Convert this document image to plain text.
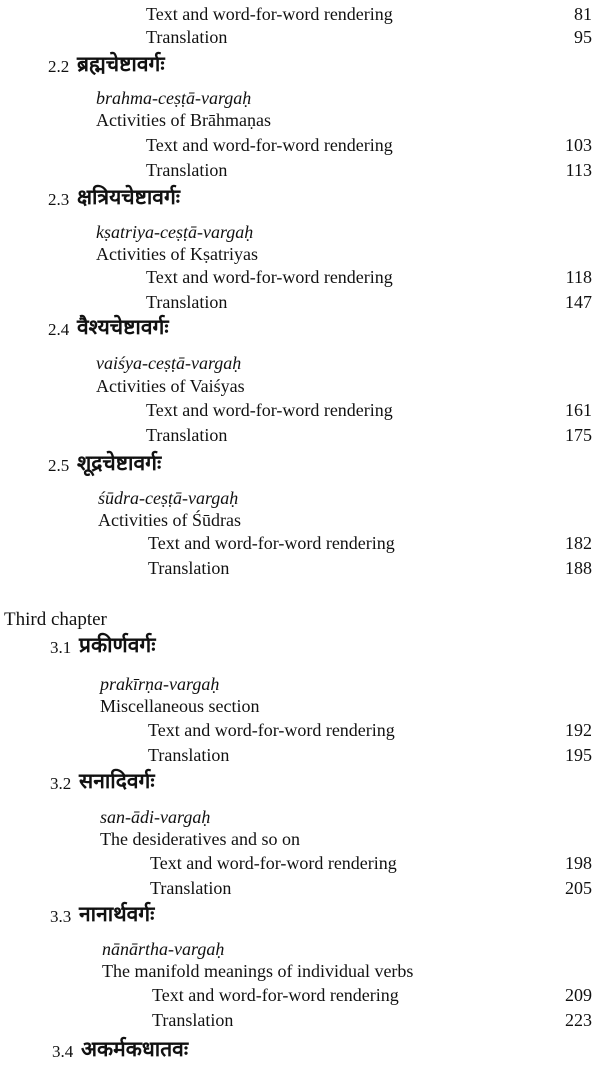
Text and word-for-word rendering	81
Translation	95
2.2 ब्रह्मचेष्टावर्गः
brahma-ceṣṭā-vargaḥ
Activities of Brāhmaṇas
Text and word-for-word rendering	103
Translation	113
2.3 क्षत्रियचेष्टावर्गः
kṣatriya-ceṣṭā-vargaḥ
Activities of Kṣatriyas
Text and word-for-word rendering	118
Translation	147
2.4 वैश्यचेष्टावर्गः
vaiśya-ceṣṭā-vargaḥ
Activities of Vaiśyas
Text and word-for-word rendering	161
Translation	175
2.5 शूद्रचेष्टावर्गः
śūdra-ceṣṭā-vargaḥ
Activities of Śūdras
Text and word-for-word rendering	182
Translation	188
Third chapter
3.1 प्रकीर्णवर्गः
prakīrṇa-vargaḥ
Miscellaneous section
Text and word-for-word rendering	192
Translation	195
3.2 सनादिवर्गः
san-ādi-vargaḥ
The desideratives and so on
Text and word-for-word rendering	198
Translation	205
3.3 नानार्थवर्गः
nānārtha-vargaḥ
The manifold meanings of individual verbs
Text and word-for-word rendering	209
Translation	223
3.4 अकर्मकधातवः
